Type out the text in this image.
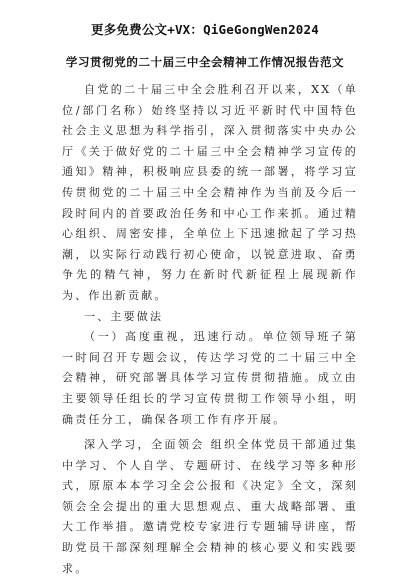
更多免费公文+VX：QiGeGongWen2024
学习贯彻党的二十届三中全会精神工作情况报告范文

自党的二十届三中全会胜利召开以来，XX（单位/部门名称）始终坚持以习近平新时代中国特色社会主义思想为科学指引，深入贯彻落实中央办公厅《关于做好党的二十届三中全会精神学习宣传的通知》精神，积极响应县委的统一部署，将学习宣传贯彻党的二十届三中全会精神作为当前及今后一段时间内的首要政治任务和中心工作来抓。通过精心组织、周密安排，全单位上下迅速掀起了学习热潮，以实际行动践行初心使命，以锐意进取、奋勇争先的精气神，努力在新时代新征程上展现新作为、作出新贡献。

一、主要做法

（一）高度重视，迅速行动。单位领导班子第一时间召开专题会议，传达学习党的二十届三中全会精神，研究部署具体学习宣传贯彻措施。成立由主要领导任组长的学习宣传贯彻工作领导小组，明确责任分工，确保各项工作有序开展。

深入学习，全面领会 组织全体党员干部通过集中学习、个人自学、专题研讨、在线学习等多种形式，原原本本学习全会公报和《决定》全文，深刻领会全会提出的重大思想观点、重大战略部署、重大工作举措。邀请党校专家进行专题辅导讲座，帮助党员干部深刻理解全会精神的核心要义和实践要求。
